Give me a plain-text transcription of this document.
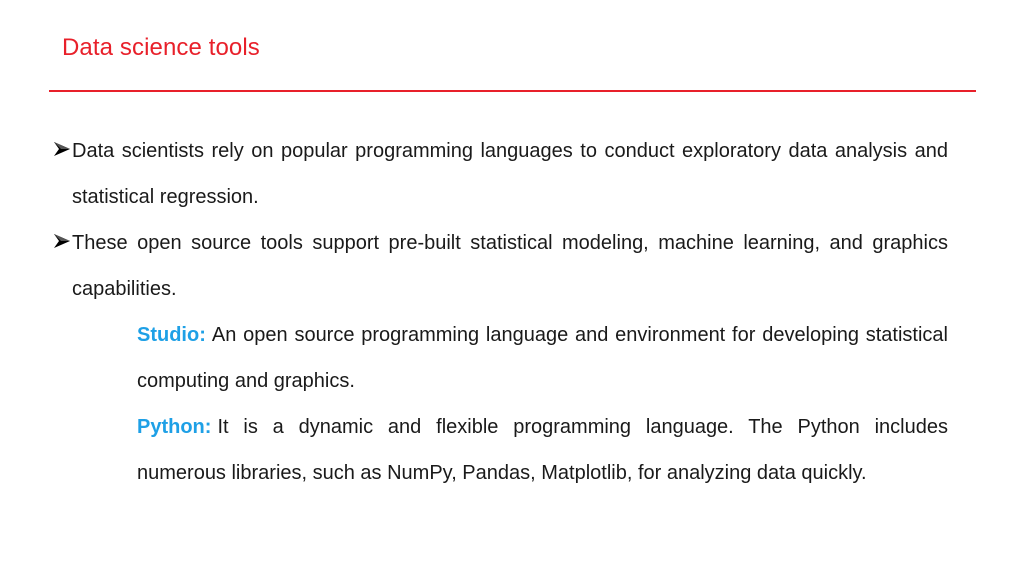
Data science tools
Data scientists rely on popular programming languages to conduct exploratory data analysis and statistical regression.
These open source tools support pre-built statistical modeling, machine learning, and graphics capabilities.
Studio: An open source programming language and environment for developing statistical computing and graphics.
Python: It is a dynamic and flexible programming language. The Python includes numerous libraries, such as NumPy, Pandas, Matplotlib, for analyzing data quickly.
